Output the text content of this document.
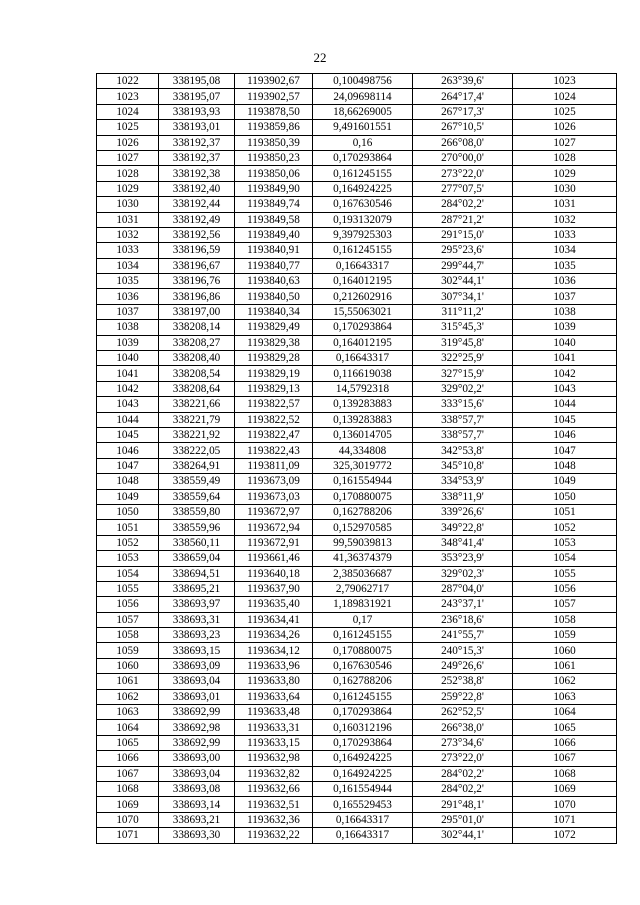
22
1022	338195,08	1193902,67	0,100498756	263°39,6'	1023
1023	338195,07	1193902,57	24,09698114	264°17,4'	1024
1024	338193,93	1193878,50	18,66269005	267°17,3'	1025
1025	338193,01	1193859,86	9,491601551	267°10,5'	1026
1026	338192,37	1193850,39	0,16	266°08,0'	1027
1027	338192,37	1193850,23	0,170293864	270°00,0'	1028
1028	338192,38	1193850,06	0,161245155	273°22,0'	1029
1029	338192,40	1193849,90	0,164924225	277°07,5'	1030
1030	338192,44	1193849,74	0,167630546	284°02,2'	1031
1031	338192,49	1193849,58	0,193132079	287°21,2'	1032
1032	338192,56	1193849,40	9,397925303	291°15,0'	1033
1033	338196,59	1193840,91	0,161245155	295°23,6'	1034
1034	338196,67	1193840,77	0,16643317	299°44,7'	1035
1035	338196,76	1193840,63	0,164012195	302°44,1'	1036
1036	338196,86	1193840,50	0,212602916	307°34,1'	1037
1037	338197,00	1193840,34	15,55063021	311°11,2'	1038
1038	338208,14	1193829,49	0,170293864	315°45,3'	1039
1039	338208,27	1193829,38	0,164012195	319°45,8'	1040
1040	338208,40	1193829,28	0,16643317	322°25,9'	1041
1041	338208,54	1193829,19	0,116619038	327°15,9'	1042
1042	338208,64	1193829,13	14,5792318	329°02,2'	1043
1043	338221,66	1193822,57	0,139283883	333°15,6'	1044
1044	338221,79	1193822,52	0,139283883	338°57,7'	1045
1045	338221,92	1193822,47	0,136014705	338°57,7'	1046
1046	338222,05	1193822,43	44,334808	342°53,8'	1047
1047	338264,91	1193811,09	325,3019772	345°10,8'	1048
1048	338559,49	1193673,09	0,161554944	334°53,9'	1049
1049	338559,64	1193673,03	0,170880075	338°11,9'	1050
1050	338559,80	1193672,97	0,162788206	339°26,6'	1051
1051	338559,96	1193672,94	0,152970585	349°22,8'	1052
1052	338560,11	1193672,91	99,59039813	348°41,4'	1053
1053	338659,04	1193661,46	41,36374379	353°23,9'	1054
1054	338694,51	1193640,18	2,385036687	329°02,3'	1055
1055	338695,21	1193637,90	2,79062717	287°04,0'	1056
1056	338693,97	1193635,40	1,189831921	243°37,1'	1057
1057	338693,31	1193634,41	0,17	236°18,6'	1058
1058	338693,23	1193634,26	0,161245155	241°55,7'	1059
1059	338693,15	1193634,12	0,170880075	240°15,3'	1060
1060	338693,09	1193633,96	0,167630546	249°26,6'	1061
1061	338693,04	1193633,80	0,162788206	252°38,8'	1062
1062	338693,01	1193633,64	0,161245155	259°22,8'	1063
1063	338692,99	1193633,48	0,170293864	262°52,5'	1064
1064	338692,98	1193633,31	0,160312196	266°38,0'	1065
1065	338692,99	1193633,15	0,170293864	273°34,6'	1066
1066	338693,00	1193632,98	0,164924225	273°22,0'	1067
1067	338693,04	1193632,82	0,164924225	284°02,2'	1068
1068	338693,08	1193632,66	0,161554944	284°02,2'	1069
1069	338693,14	1193632,51	0,165529453	291°48,1'	1070
1070	338693,21	1193632,36	0,16643317	295°01,0'	1071
1071	338693,30	1193632,22	0,16643317	302°44,1'	1072
